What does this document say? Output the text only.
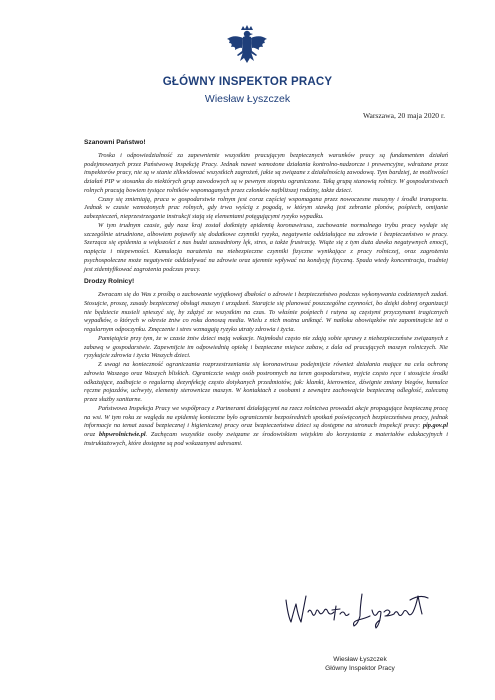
GŁÓWNY INSPEKTOR PRACY
Wiesław Łyszczek
Warszawa, 20 maja 2020 r.

Szanowni Państwo!

Troska i odpowiedzialność za zapewnienie wszystkim pracującym bezpiecznych warunków pracy są fundamentem działań podejmowanych przez Państwową Inspekcję Pracy. Jednak nawet wzmożone działania kontrolno-nadzorcze i prewencyjne, wdrażane przez inspektorów pracy, nie są w stanie zlikwidować wszystkich zagrożeń, jakie są związane z działalnością zawodową. Tym bardziej, że możliwości działań PIP w stosunku do niektórych grup zawodowych są w pewnym stopniu ograniczone. Taką grupą stanowią rolnicy. W gospodarstwach rolnych pracują bowiem tysiące rolników wspomaganych przez członków najbliższej rodziny, także dzieci.

Czasy się zmieniają, praca w gospodarstwie rolnym jest coraz częściej wspomagana przez nowoczesne maszyny i środki transportu. Jednak w czasie wzmożonych prac rolnych, gdy trwa wyścig z pogodą, w którym stawką jest zebranie plonów, pośpiech, omijanie zabezpieczeń, nieprzestrzeganie instrukcji stają się elementami potęgującymi ryzyko wypadku.

W tym trudnym czasie, gdy nasz kraj został dotknięty epidemią koronawirusa, zachowanie normalnego trybu pracy wydaje się szczególnie utrudnione, albowiem pojawiły się dodatkowe czynniki ryzyka, negatywnie oddziałujące na zdrowie i bezpieczeństwo w pracy. Szerząca się epidemia u większości z nas budzi uzasadniony lęk, stres, a także frustrację. Wiąże się z tym duża dawka negatywnych emocji, napięcia i niepewności. Kumulacja narażenia na niebezpieczne czynniki fizyczne wynikające z pracy rolniczej, oraz zagrożenia psychospołeczne może negatywnie oddziaływać na zdrowie oraz ujemnie wpływać na kondycję fizyczną. Spada wtedy koncentracja, trudniej jest zidentyfikować zagrożenia podczas pracy.

Drodzy Rolnicy!

Zwracam się do Was z prośbą o zachowanie wyjątkowej dbałości o zdrowie i bezpieczeństwo podczas wykonywania codziennych zadań. Stosujcie, proszę, zasady bezpiecznej obsługi maszyn i urządzeń. Starajcie się planować poszczególne czynności, bo dzięki dobrej organizacji nie będziecie musieli spieszyć się, by zdążyć ze wszystkim na czas. To właśnie pośpiech i rutyna są częstymi przyczynami tragicznych wypadków, o których w okresie żniw co roku donoszą media. Wielu z nich można uniknąć. W natłoku obowiązków nie zapominajcie też o regularnym odpoczynku. Zmęczenie i stres wzmagają ryzyko utraty zdrowia i życia.

Pamiętajcie przy tym, że w czasie żniw dzieci mają wakacje. Najmłodsi często nie zdają sobie sprawy z niebezpieczeństw związanych z zabawą w gospodarstwie. Zapewnijcie im odpowiednią opiekę i bezpieczne miejsce zabaw, z dala od pracujących maszyn rolniczych. Nie ryzykujcie zdrowia i życia Waszych dzieci.

Z uwagi na konieczność ograniczania rozprzestrzeniania się koronawirusa podejmijcie również działania mające na celu ochronę zdrowia Waszego oraz Waszych bliskich. Ograniczcie wstęp osób postronnych na teren gospodarstwa, myjcie często ręce i stosujcie środki odkażające, zadbajcie o regularną dezynfekcję często dotykanych przedmiotów, jak: klamki, kierownice, dźwignie zmiany biegów, hamulce ręczne pojazdów, uchwyty, elementy sterownicze maszyn. W kontaktach z osobami z zewnątrz zachowajcie bezpieczną odległość, zalecaną przez służby sanitarne.

Państwowa Inspekcja Pracy we współpracy z Partnerami działającymi na rzecz rolnictwa prowadzi akcje propagujące bezpieczną pracę na wsi. W tym roku ze względu na epidemię konieczne było ograniczenie bezpośrednich spotkań poświęconych bezpieczeństwu pracy, jednak informacje na temat zasad bezpiecznej i higienicznej pracy oraz bezpieczeństwa dzieci są dostępne na stronach inspekcji pracy: pip.gov.pl oraz bhpwrolnictwie.pl. Zachęcam wszystkie osoby związane ze środowiskiem wiejskim do korzystania z materiałów edukacyjnych i instruktażowych, które dostępne są pod wskazanymi adresami.

Wiesław Łyszczek
Główny Inspektor Pracy
